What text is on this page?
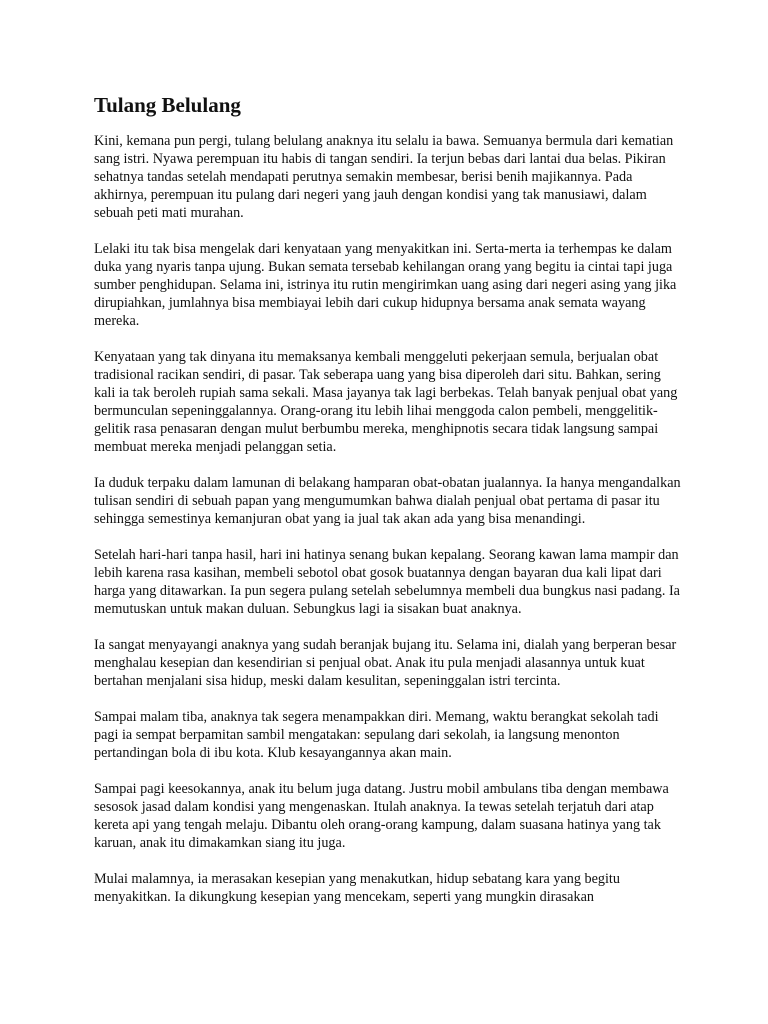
Tulang Belulang

Kini, kemana pun pergi, tulang belulang anaknya itu selalu ia bawa. Semuanya bermula dari kematian sang istri. Nyawa perempuan itu habis di tangan sendiri. Ia terjun bebas dari lantai dua belas. Pikiran sehatnya tandas setelah mendapati perutnya semakin membesar, berisi benih majikannya. Pada akhirnya, perempuan itu pulang dari negeri yang jauh dengan kondisi yang tak manusiawi, dalam sebuah peti mati murahan.

Lelaki itu tak bisa mengelak dari kenyataan yang menyakitkan ini. Serta-merta ia terhempas ke dalam duka yang nyaris tanpa ujung. Bukan semata tersebab kehilangan orang yang begitu ia cintai tapi juga sumber penghidupan. Selama ini, istrinya itu rutin mengirimkan uang asing dari negeri asing yang jika dirupiahkan, jumlahnya bisa membiayai lebih dari cukup hidupnya bersama anak semata wayang mereka.

Kenyataan yang tak dinyana itu memaksanya kembali menggeluti pekerjaan semula, berjualan obat tradisional racikan sendiri, di pasar. Tak seberapa uang yang bisa diperoleh dari situ. Bahkan, sering kali ia tak beroleh rupiah sama sekali. Masa jayanya tak lagi berbekas. Telah banyak penjual obat yang bermunculan sepeninggalannya. Orang-orang itu lebih lihai menggoda calon pembeli, menggelitik-gelitik rasa penasaran dengan mulut berbumbu mereka, menghipnotis secara tidak langsung sampai membuat mereka menjadi pelanggan setia.

Ia duduk terpaku dalam lamunan di belakang hamparan obat-obatan jualannya. Ia hanya mengandalkan tulisan sendiri di sebuah papan yang mengumumkan bahwa dialah penjual obat pertama di pasar itu sehingga semestinya kemanjuran obat yang ia jual tak akan ada yang bisa menandingi.

Setelah hari-hari tanpa hasil, hari ini hatinya senang bukan kepalang. Seorang kawan lama mampir dan lebih karena rasa kasihan, membeli sebotol obat gosok buatannya dengan bayaran dua kali lipat dari harga yang ditawarkan. Ia pun segera pulang setelah sebelumnya membeli dua bungkus nasi padang. Ia memutuskan untuk makan duluan. Sebungkus lagi ia sisakan buat anaknya.

Ia sangat menyayangi anaknya yang sudah beranjak bujang itu. Selama ini, dialah yang berperan besar menghalau kesepian dan kesendirian si penjual obat. Anak itu pula menjadi alasannya untuk kuat bertahan menjalani sisa hidup, meski dalam kesulitan, sepeninggalan istri tercinta.

Sampai malam tiba, anaknya tak segera menampakkan diri. Memang, waktu berangkat sekolah tadi pagi ia sempat berpamitan sambil mengatakan: sepulang dari sekolah, ia langsung menonton pertandingan bola di ibu kota. Klub kesayangannya akan main.

Sampai pagi keesokannya, anak itu belum juga datang. Justru mobil ambulans tiba dengan membawa sesosok jasad dalam kondisi yang mengenaskan. Itulah anaknya. Ia tewas setelah terjatuh dari atap kereta api yang tengah melaju. Dibantu oleh orang-orang kampung, dalam suasana hatinya yang tak karuan, anak itu dimakamkan siang itu juga.

Mulai malamnya, ia merasakan kesepian yang menakutkan, hidup sebatang kara yang begitu menyakitkan. Ia dikungkung kesepian yang mencekam, seperti yang mungkin dirasakan
